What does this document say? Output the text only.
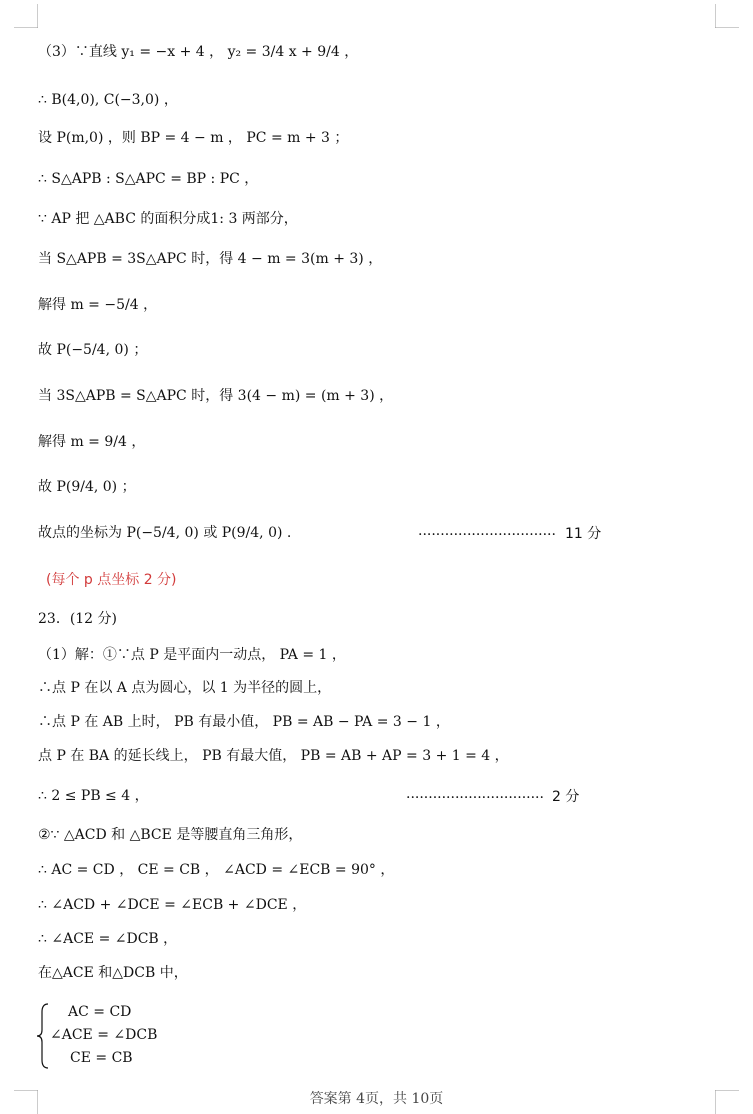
（3）∵直线 y₁ = −x + 4 ， y₂ = 3/4 x + 9/4 ，
∴ B(4,0), C(−3,0) ，
设 P(m,0) ，则 BP = 4 − m ， PC = m + 3 ；
∴ S△APB : S△APC = BP : PC ，
∵ AP 把 △ABC 的面积分成1: 3 两部分，
当 S△APB = 3S△APC 时，得 4 − m = 3(m + 3) ，
解得 m = −5/4 ，
故 P(−5/4, 0) ；
当 3S△APB = S△APC 时，得 3(4 − m) = (m + 3) ，
解得 m = 9/4 ，
故 P(9/4, 0) ；
故点的坐标为 P(−5/4, 0) 或 P(9/4, 0) .	............................... 11 分
(每个 p 点坐标 2 分)
23．(12 分)
（1）解：①∵点 P 是平面内一动点， PA = 1 ，
∴点 P 在以 A 点为圆心，以 1 为半径的圆上，
∴点 P 在 AB 上时， PB 有最小值， PB = AB − PA = 3 − 1 ，
点 P 在 BA 的延长线上， PB 有最大值， PB = AB + AP = 3 + 1 = 4 ，
∴ 2 ≤ PB ≤ 4 ，	............................... 2 分
②∵ △ACD 和 △BCE 是等腰直角三角形，
∴ AC = CD ， CE = CB ， ∠ACD = ∠ECB = 90° ，
∴ ∠ACD + ∠DCE = ∠ECB + ∠DCE ，
∴ ∠ACE = ∠DCB ，
在△ACE 和△DCB 中，
AC = CD
∠ACE = ∠DCB
CE = CB
答案第 4页，共 10页
